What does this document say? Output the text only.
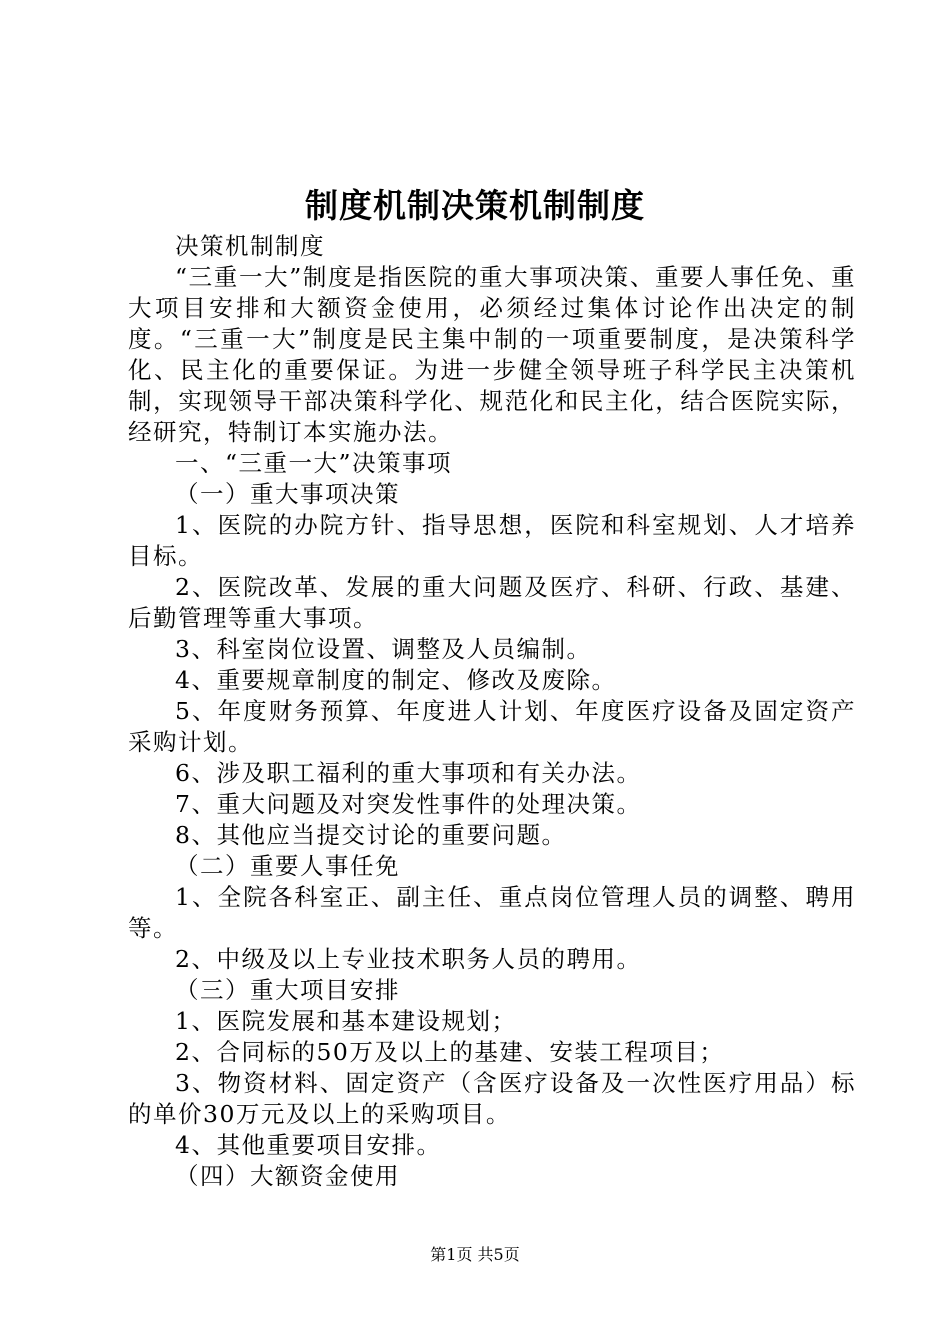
制度机制决策机制制度

决策机制制度

“三重一大”制度是指医院的重大事项决策、重要人事任免、重大项目安排和大额资金使用，必须经过集体讨论作出决定的制度。“三重一大”制度是民主集中制的一项重要制度，是决策科学化、民主化的重要保证。为进一步健全领导班子科学民主决策机制，实现领导干部决策科学化、规范化和民主化，结合医院实际，经研究，特制订本实施办法。

一、“三重一大”决策事项

（一）重大事项决策

1、医院的办院方针、指导思想，医院和科室规划、人才培养目标。

2、医院改革、发展的重大问题及医疗、科研、行政、基建、后勤管理等重大事项。

3、科室岗位设置、调整及人员编制。

4、重要规章制度的制定、修改及废除。

5、年度财务预算、年度进人计划、年度医疗设备及固定资产采购计划。

6、涉及职工福利的重大事项和有关办法。

7、重大问题及对突发性事件的处理决策。

8、其他应当提交讨论的重要问题。

（二）重要人事任免

1、全院各科室正、副主任、重点岗位管理人员的调整、聘用等。

2、中级及以上专业技术职务人员的聘用。

（三）重大项目安排

1、医院发展和基本建设规划；

2、合同标的50万及以上的基建、安装工程项目；

3、物资材料、固定资产（含医疗设备及一次性医疗用品）标的单价30万元及以上的采购项目。

4、其他重要项目安排。

（四）大额资金使用

第1页 共5页
